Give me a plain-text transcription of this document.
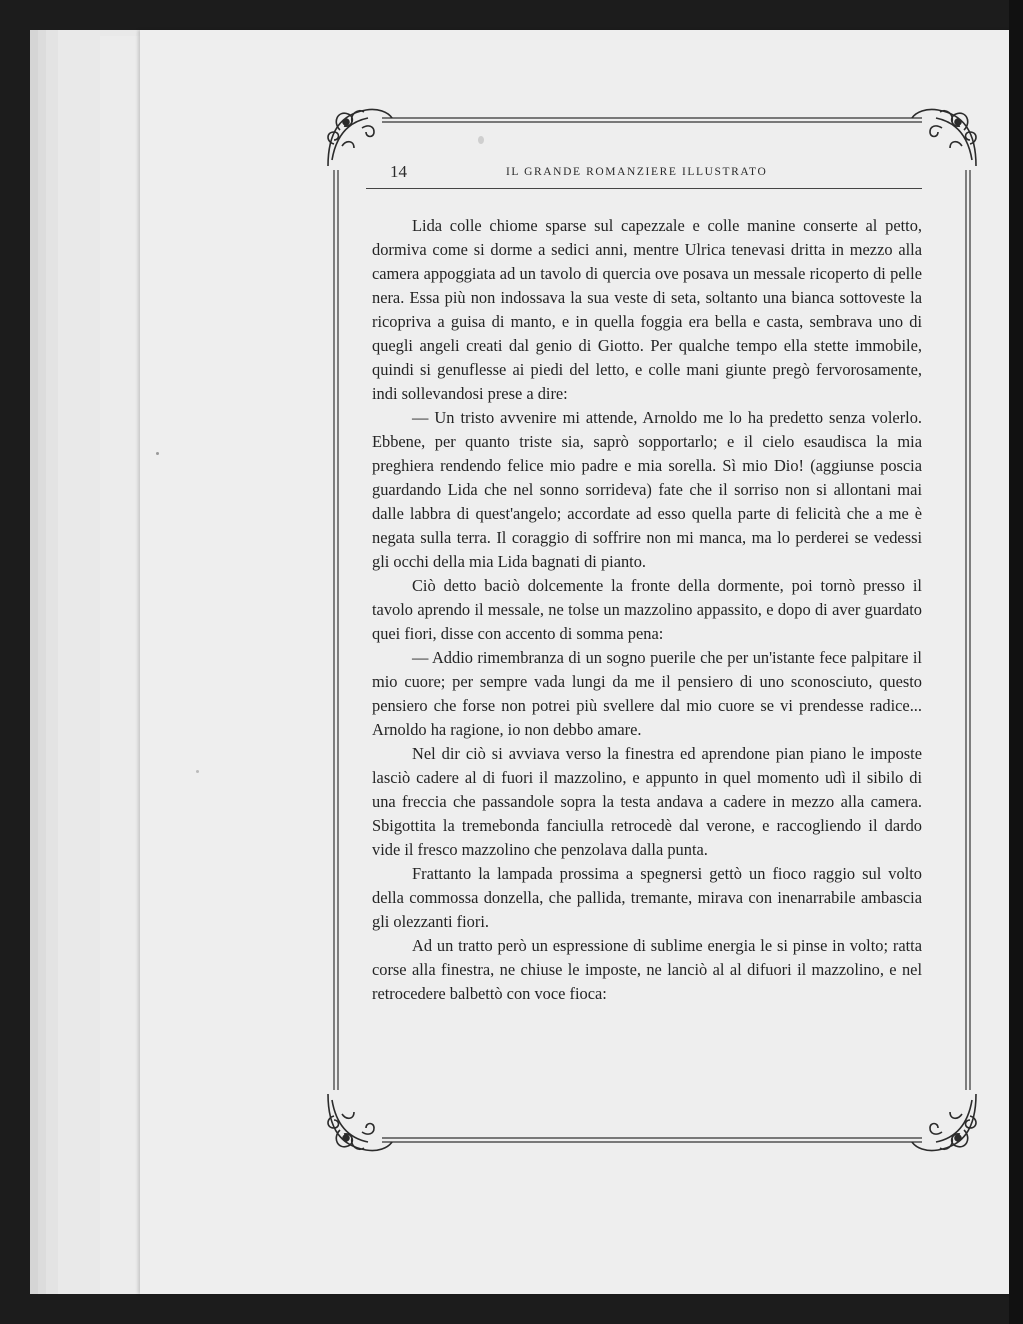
14	IL GRANDE ROMANZIERE ILLUSTRATO

Lida colle chiome sparse sul capezzale e colle manine conserte al petto, dormiva come si dorme a sedici anni, mentre Ulrica tenevasi dritta in mezzo alla camera appoggiata ad un tavolo di quercia ove posava un messale ricoperto di pelle nera. Essa più non indossava la sua veste di seta, soltanto una bianca sottoveste la ricopriva a guisa di manto, e in quella foggia era bella e casta, sembrava uno di quegli angeli creati dal genio di Giotto. Per qualche tempo ella stette immobile, quindi si genuflesse ai piedi del letto, e colle mani giunte pregò fervorosamente, indi sollevandosi prese a dire:

— Un tristo avvenire mi attende, Arnoldo me lo ha predetto senza volerlo. Ebbene, per quanto triste sia, saprò sopportarlo; e il cielo esaudisca la mia preghiera rendendo felice mio padre e mia sorella. Sì mio Dio! (aggiunse poscia guardando Lida che nel sonno sorrideva) fate che il sorriso non si allontani mai dalle labbra di quest'angelo; accordate ad esso quella parte di felicità che a me è negata sulla terra. Il coraggio di soffrire non mi manca, ma lo perderei se vedessi gli occhi della mia Lida bagnati di pianto.

Ciò detto baciò dolcemente la fronte della dormente, poi tornò presso il tavolo aprendo il messale, ne tolse un mazzolino appassito, e dopo di aver guardato quei fiori, disse con accento di somma pena:

— Addio rimembranza di un sogno puerile che per un'istante fece palpitare il mio cuore; per sempre vada lungi da me il pensiero di uno sconosciuto, questo pensiero che forse non potrei più svellere dal mio cuore se vi prendesse radice... Arnoldo ha ragione, io non debbo amare.

Nel dir ciò si avviava verso la finestra ed aprendone pian piano le imposte lasciò cadere al di fuori il mazzolino, e appunto in quel momento udì il sibilo di una freccia che passandole sopra la testa andava a cadere in mezzo alla camera. Sbigottita la tremebonda fanciulla retrocedè dal verone, e raccogliendo il dardo vide il fresco mazzolino che penzolava dalla punta.

Frattanto la lampada prossima a spegnersi gettò un fioco raggio sul volto della commossa donzella, che pallida, tremante, mirava con inenarrabile ambascia gli olezzanti fiori.

Ad un tratto però un espressione di sublime energia le si pinse in volto; ratta corse alla finestra, ne chiuse le imposte, ne lanciò al al difuori il mazzolino, e nel retrocedere balbettò con voce fioca:
